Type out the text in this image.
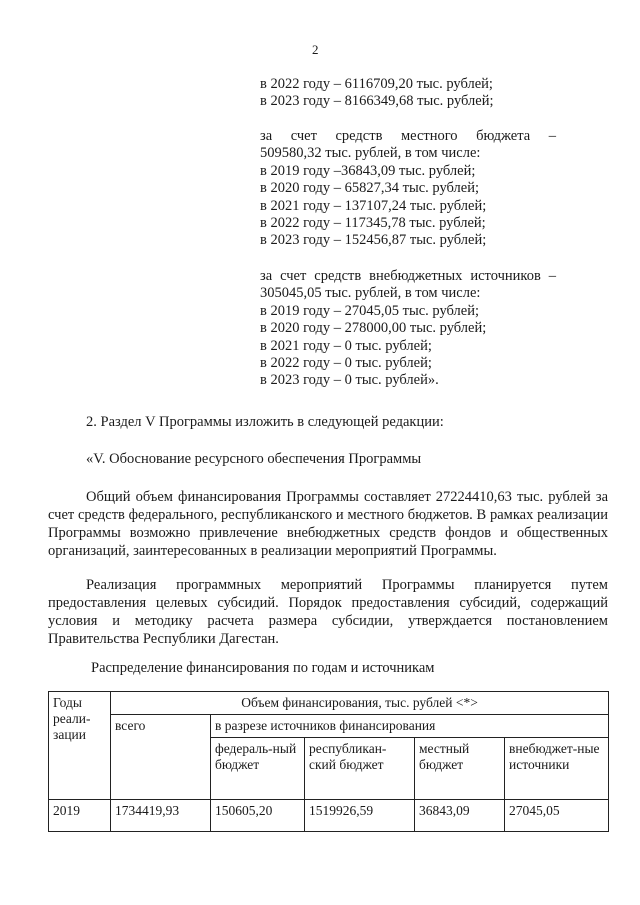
2
в 2022 году – 6116709,20 тыс. рублей;
в 2023 году – 8166349,68 тыс. рублей;
за счет средств местного бюджета –
509580,32 тыс. рублей, в том числе:
в 2019 году –36843,09 тыс. рублей;
в 2020 году – 65827,34 тыс. рублей;
в 2021 году – 137107,24 тыс. рублей;
в 2022 году – 117345,78 тыс. рублей;
в 2023 году – 152456,87 тыс. рублей;
за счет средств внебюджетных источников –
305045,05 тыс. рублей, в том числе:
в 2019 году – 27045,05 тыс. рублей;
в 2020 году – 278000,00 тыс. рублей;
в 2021 году – 0 тыс. рублей;
в 2022 году – 0 тыс. рублей;
в 2023 году – 0 тыс. рублей».
2. Раздел V Программы изложить в следующей редакции:
«V. Обоснование ресурсного обеспечения Программы
Общий объем финансирования Программы составляет 27224410,63 тыс. рублей за счет средств федерального, республиканского и местного бюджетов. В рамках реализации Программы возможно привлечение внебюджетных средств фондов и общественных организаций, заинтересованных в реализации мероприятий Программы.
Реализация программных мероприятий Программы планируется путем предоставления целевых субсидий. Порядок предоставления субсидий, содержащий условия и методику расчета размера субсидии, утверждается постановлением Правительства Республики Дагестан.
Распределение финансирования по годам и источникам
Годы реали-зации	Объем финансирования, тыс. рублей <*>				
	всего	в разрезе источников финансирования			
		федераль-ный бюджет	республикан-ский бюджет	местный бюджет	внебюджет-ные источники
2019	1734419,93	150605,20	1519926,59	36843,09	27045,05
